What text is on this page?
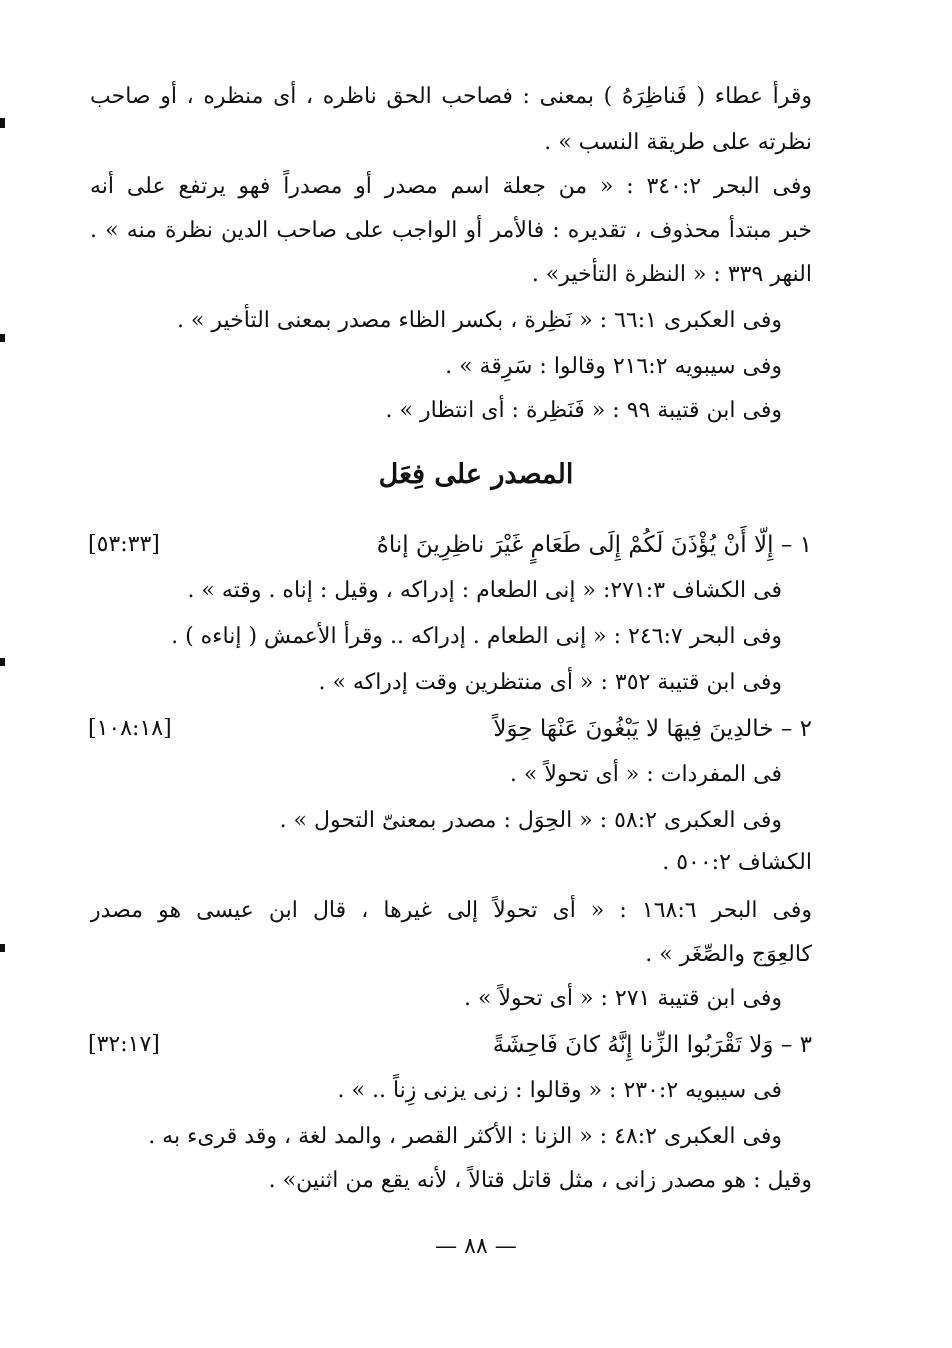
وقرأ عطاء ( فَناظِرَهُ ) بمعنى : فصاحب الحق ناظره ، أى منظره ، أو صاحب
نظرته على طريقة النسب » .
وفى البحر ٣٤٠:٢ : « من جعلة اسم مصدر أو مصدراً فهو يرتفع على أنه
خبر مبتدأ محذوف ، تقديره : فالأمر أو الواجب على صاحب الدين نظرة منه » .
النهر ٣٣٩ : « النظرة التأخير» .
وفى العكبرى ٦٦:١ : « نَظِرة ، بكسر الظاء مصدر بمعنى التأخير » .
وفى سيبويه ٢١٦:٢ وقالوا : سَرِقة » .
وفى ابن قتيبة ٩٩ : « فَنَظِرة : أى انتظار » .
المصدر على فِعَل
١ – إِلّا أَنْ يُؤْذَنَ لَكُمْ إِلَى طَعَامٍ غَيْرَ ناظِرِينَ إناهُ
[٥٣:٣٣]
فى الكشاف ٢٧١:٣: « إنى الطعام : إدراكه ، وقيل : إناه . وقته » .
وفى البحر ٢٤٦:٧ : « إنى الطعام . إدراكه .. وقرأ الأعمش ( إناءه ) .
وفى ابن قتيبة ٣٥٢ : « أى منتظرين وقت إدراكه » .
٢ – خالدِينَ فِيهَا لا يَبْغُونَ عَنْهَا حِوَلاً
[١٠٨:١٨]
فى المفردات : « أى تحولاً » .
وفى العكبرى ٥٨:٢ : « الحِوَل : مصدر بمعنىّ التحول » .
الكشاف ٥٠٠:٢ .
وفى البحر ١٦٨:٦ : « أى تحولاً إلى غيرها ، قال ابن عيسى هو مصدر
كالعِوَج والصِّغَر » .
وفى ابن قتيبة ٢٧١ : « أى تحولاً » .
٣ – وَلا تَقْرَبُوا الزِّنا إِنَّهُ كانَ فَاحِشَةً
[٣٢:١٧]
فى سيبويه ٢٣٠:٢ : « وقالوا : زنى يزنى زِناً .. » .
وفى العكبرى ٤٨:٢ : « الزنا : الأكثر القصر ، والمد لغة ، وقد قرىء به .
وقيل : هو مصدر زانى ، مثل قاتل قتالاً ، لأنه يقع من اثنين» .
— ٨٨ —
